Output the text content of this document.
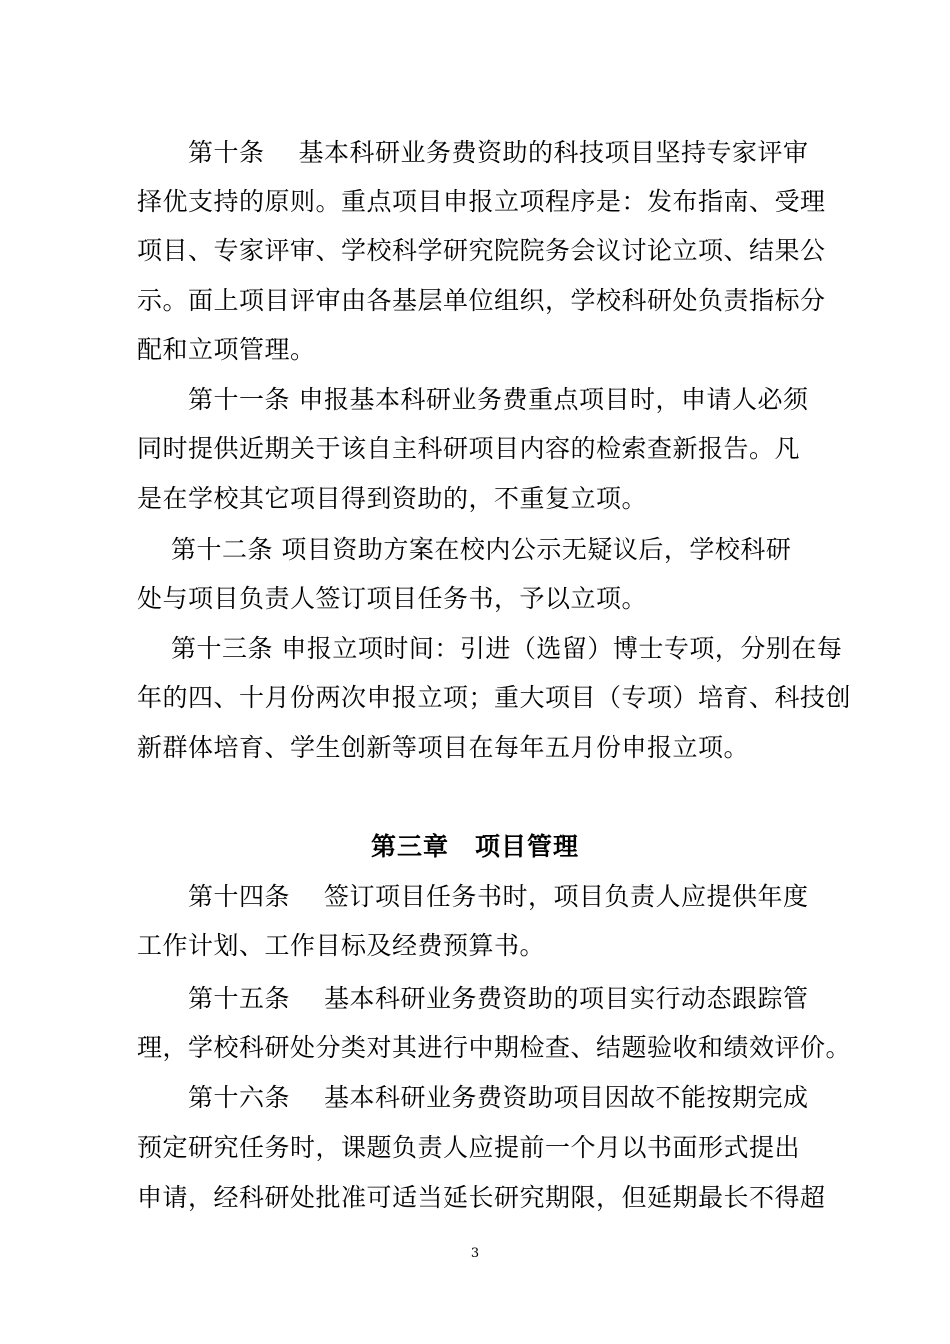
　　第十条　 基本科研业务费资助的科技项目坚持专家评审
择优支持的原则。重点项目申报立项程序是：发布指南、受理
项目、专家评审、学校科学研究院院务会议讨论立项、结果公
示。面上项目评审由各基层单位组织，学校科研处负责指标分
配和立项管理。
　　第十一条 申报基本科研业务费重点项目时，申请人必须
同时提供近期关于该自主科研项目内容的检索查新报告。凡
是在学校其它项目得到资助的，不重复立项。
　 第十二条 项目资助方案在校内公示无疑议后，学校科研
处与项目负责人签订项目任务书，予以立项。
　 第十三条 申报立项时间：引进（选留）博士专项，分别在每
年的四、十月份两次申报立项；重大项目（专项）培育、科技创
新群体培育、学生创新等项目在每年五月份申报立项。
第三章　项目管理
　　第十四条　 签订项目任务书时，项目负责人应提供年度
工作计划、工作目标及经费预算书。
　　第十五条　 基本科研业务费资助的项目实行动态跟踪管
理，学校科研处分类对其进行中期检查、结题验收和绩效评价。
　　第十六条　 基本科研业务费资助项目因故不能按期完成
预定研究任务时，课题负责人应提前一个月以书面形式提出
申请，经科研处批准可适当延长研究期限，但延期最长不得超
3
